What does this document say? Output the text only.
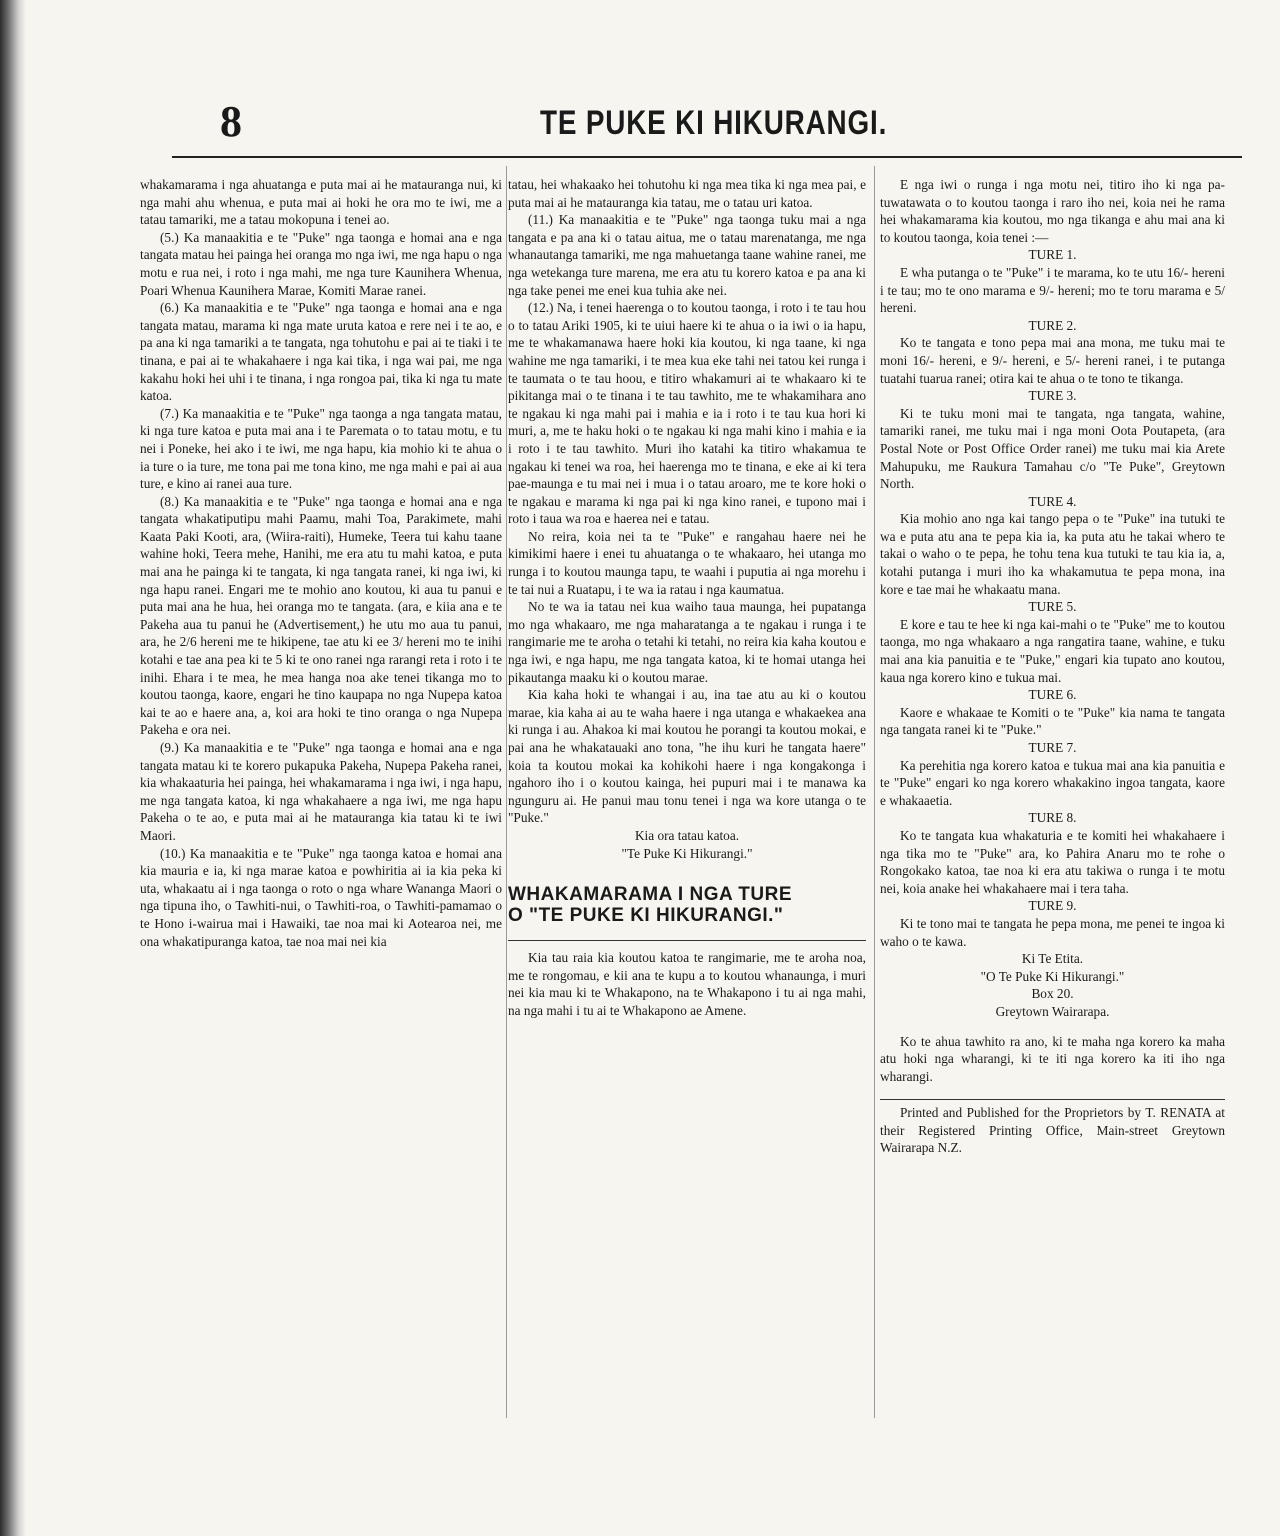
8	TE PUKE KI HIKURANGI.

whakamarama i nga ahuatanga e puta mai ai he matauranga nui, ki nga mahi ahu whenua, e puta mai ai hoki he ora mo te iwi, me a tatau tamariki, me a tatau mokopuna i tenei ao.

(5.) Ka manaakitia e te "Puke" nga taonga e homai ana e nga tangata matau hei painga hei oranga mo nga iwi, me nga hapu o nga motu e rua nei, i roto i nga mahi, me nga ture Kaunihera Whenua, Poari Whenua Kaunihera Marae, Komiti Marae ranei.

(6.) Ka manaakitia e te "Puke" nga taonga e homai ana e nga tangata matau, marama ki nga mate uruta katoa e rere nei i te ao, e pa ana ki nga tamariki a te tangata, nga tohutohu e pai ai te tiaki i te tinana, e pai ai te whakahaere i nga kai tika, i nga wai pai, me nga kakahu hoki hei uhi i te tinana, i nga rongoa pai, tika ki nga tu mate katoa.

(7.) Ka manaakitia e te "Puke" nga taonga a nga tangata matau, ki nga ture katoa e puta mai ana i te Paremata o to tatau motu, e tu nei i Poneke, hei ako i te iwi, me nga hapu, kia mohio ki te ahua o ia ture o ia ture, me tona pai me tona kino, me nga mahi e pai ai aua ture, e kino ai ranei aua ture.

(8.) Ka manaakitia e te "Puke" nga taonga e homai ana e nga tangata whakatiputipu mahi Paamu, mahi Toa, Parakimete, mahi Kaata Paki Kooti, ara, (Wiira-raiti), Humeke, Teera tui kahu taane wahine hoki, Teera mehe, Hanihi, me era atu tu mahi katoa, e puta mai ana he painga ki te tangata, ki nga tangata ranei, ki nga iwi, ki nga hapu ranei. Engari me te mohio ano koutou, ki aua tu panui e puta mai ana he hua, hei oranga mo te tangata. (ara, e kiia ana e te Pakeha aua tu panui he (Advertisement,) he utu mo aua tu panui, ara, he 2/6 hereni me te hikipene, tae atu ki ee 3/ hereni mo te inihi kotahi e tae ana pea ki te 5 ki te ono ranei nga rarangi reta i roto i te inihi. Ehara i te mea, he mea hanga noa ake tenei tikanga mo to koutou taonga, kaore, engari he tino kaupapa no nga Nupepa katoa kai te ao e haere ana, a, koi ara hoki te tino oranga o nga Nupepa Pakeha e ora nei.

(9.) Ka manaakitia e te "Puke" nga taonga e homai ana e nga tangata matau ki te korero pukapuka Pakeha, Nupepa Pakeha ranei, kia whakaaturia hei painga, hei whakamarama i nga iwi, i nga hapu, me nga tangata katoa, ki nga whakahaere a nga iwi, me nga hapu Pakeha o te ao, e puta mai ai he matauranga kia tatau ki te iwi Maori.

(10.) Ka manaakitia e te "Puke" nga taonga katoa e homai ana kia mauria e ia, ki nga marae katoa e powhiritia ai ia kia peka ki uta, whakaatu ai i nga taonga o roto o nga whare Wananga Maori o nga tipuna iho, o Tawhiti-nui, o Tawhiti-roa, o Tawhiti-pamamao o te Hono i-wairua mai i Hawaiki, tae noa mai ki Aotearoa nei, me ona whakatipuranga katoa, tae noa mai nei kia

tatau, hei whakaako hei tohutohu ki nga mea tika ki nga mea pai, e puta mai ai he matauranga kia tatau, me o tatau uri katoa.

(11.) Ka manaakitia e te "Puke" nga taonga tuku mai a nga tangata e pa ana ki o tatau aitua, me o tatau marenatanga, me nga whanautanga tamariki, me nga mahuetanga taane wahine ranei, me nga wetekanga ture marena, me era atu tu korero katoa e pa ana ki nga take penei me enei kua tuhia ake nei.

(12.) Na, i tenei haerenga o to koutou taonga, i roto i te tau hou o to tatau Ariki 1905, ki te uiui haere ki te ahua o ia iwi o ia hapu, me te whakamanawa haere hoki kia koutou, ki nga taane, ki nga wahine me nga tamariki, i te mea kua eke tahi nei tatou kei runga i te taumata o te tau hoou, e titiro whakamuri ai te whakaaro ki te pikitanga mai o te tinana i te tau tawhito, me te whakamihara ano te ngakau ki nga mahi pai i mahia e ia i roto i te tau kua hori ki muri, a, me te haku hoki o te ngakau ki nga mahi kino i mahia e ia i roto i te tau tawhito. Muri iho katahi ka titiro whakamua te ngakau ki tenei wa roa, hei haerenga mo te tinana, e eke ai ki tera pae-maunga e tu mai nei i mua i o tatau aroaro, me te kore hoki o te ngakau e marama ki nga pai ki nga kino ranei, e tupono mai i roto i taua wa roa e haerea nei e tatau.

No reira, koia nei ta te "Puke" e rangahau haere nei he kimikimi haere i enei tu ahuatanga o te whakaaro, hei utanga mo runga i to koutou maunga tapu, te waahi i puputia ai nga morehu i te tai nui a Ruatapu, i te wa ia ratau i nga kaumatua.

No te wa ia tatau nei kua waiho taua maunga, hei pupatanga mo nga whakaaro, me nga maharatanga a te ngakau i runga i te rangimarie me te aroha o tetahi ki tetahi, no reira kia kaha koutou e nga iwi, e nga hapu, me nga tangata katoa, ki te homai utanga hei pikautanga maaku ki o koutou marae.

Kia kaha hoki te whangai i au, ina tae atu au ki o koutou marae, kia kaha ai au te waha haere i nga utanga e whakaekea ana ki runga i au. Ahakoa ki mai koutou he porangi ta koutou mokai, e pai ana he whakatauaki ano tona, "he ihu kuri he tangata haere" koia ta koutou mokai ka kohikohi haere i nga kongakonga i ngahoro iho i o koutou kainga, hei pupuri mai i te manawa ka ngunguru ai. He panui mau tonu tenei i nga wa kore utanga o te "Puke."

Kia ora tatau katoa.

"Te Puke Ki Hikurangi."

WHAKAMARAMA I NGA TURE
O "TE PUKE KI HIKURANGI."

Kia tau raia kia koutou katoa te rangimarie, me te aroha noa, me te rongomau, e kii ana te kupu a to koutou whanaunga, i muri nei kia mau ki te Whakapono, na te Whakapono i tu ai nga mahi, na nga mahi i tu ai te Whakapono ae Amene.

E nga iwi o runga i nga motu nei, titiro iho ki nga pa-tuwatawata o to koutou taonga i raro iho nei, koia nei he rama hei whakamarama kia koutou, mo nga tikanga e ahu mai ana ki to koutou taonga, koia tenei :—

TURE 1.

E wha putanga o te "Puke" i te marama, ko te utu 16/- hereni i te tau; mo te ono marama e 9/- hereni; mo te toru marama e 5/ hereni.

TURE 2.

Ko te tangata e tono pepa mai ana mona, me tuku mai te moni 16/- hereni, e 9/- hereni, e 5/- hereni ranei, i te putanga tuatahi tuarua ranei; otira kai te ahua o te tono te tikanga.

TURE 3.

Ki te tuku moni mai te tangata, nga tangata, wahine, tamariki ranei, me tuku mai i nga moni Oota Poutapeta, (ara Postal Note or Post Office Order ranei) me tuku mai kia Arete Mahupuku, me Raukura Tamahau c/o "Te Puke", Greytown North.

TURE 4.

Kia mohio ano nga kai tango pepa o te "Puke" ina tutuki te wa e puta atu ana te pepa kia ia, ka puta atu he takai whero te takai o waho o te pepa, he tohu tena kua tutuki te tau kia ia, a, kotahi putanga i muri iho ka whakamutua te pepa mona, ina kore e tae mai he whakaatu mana.

TURE 5.

E kore e tau te hee ki nga kai-mahi o te "Puke" me to koutou taonga, mo nga whakaaro a nga rangatira taane, wahine, e tuku mai ana kia panuitia e te "Puke," engari kia tupato ano koutou, kaua nga korero kino e tukua mai.

TURE 6.

Kaore e whakaae te Komiti o te "Puke" kia nama te tangata nga tangata ranei ki te "Puke."

TURE 7.

Ka perehitia nga korero katoa e tukua mai ana kia panuitia e te "Puke" engari ko nga korero whakakino ingoa tangata, kaore e whakaaetia.

TURE 8.

Ko te tangata kua whakaturia e te komiti hei whakahaere i nga tika mo te "Puke" ara, ko Pahira Anaru mo te rohe o Rongokako katoa, tae noa ki era atu takiwa o runga i te motu nei, koia anake hei whakahaere mai i tera taha.

TURE 9.

Ki te tono mai te tangata he pepa mona, me penei te ingoa ki waho o te kawa.

Ki Te Etita.

"O Te Puke Ki Hikurangi."

Box 20.

Greytown Wairarapa.

Ko te ahua tawhito ra ano, ki te maha nga korero ka maha atu hoki nga wharangi, ki te iti nga korero ka iti iho nga wharangi.

Printed and Published for the Proprietors by T. RENATA at their Registered Printing Office, Main-street Greytown Wairarapa N.Z.
